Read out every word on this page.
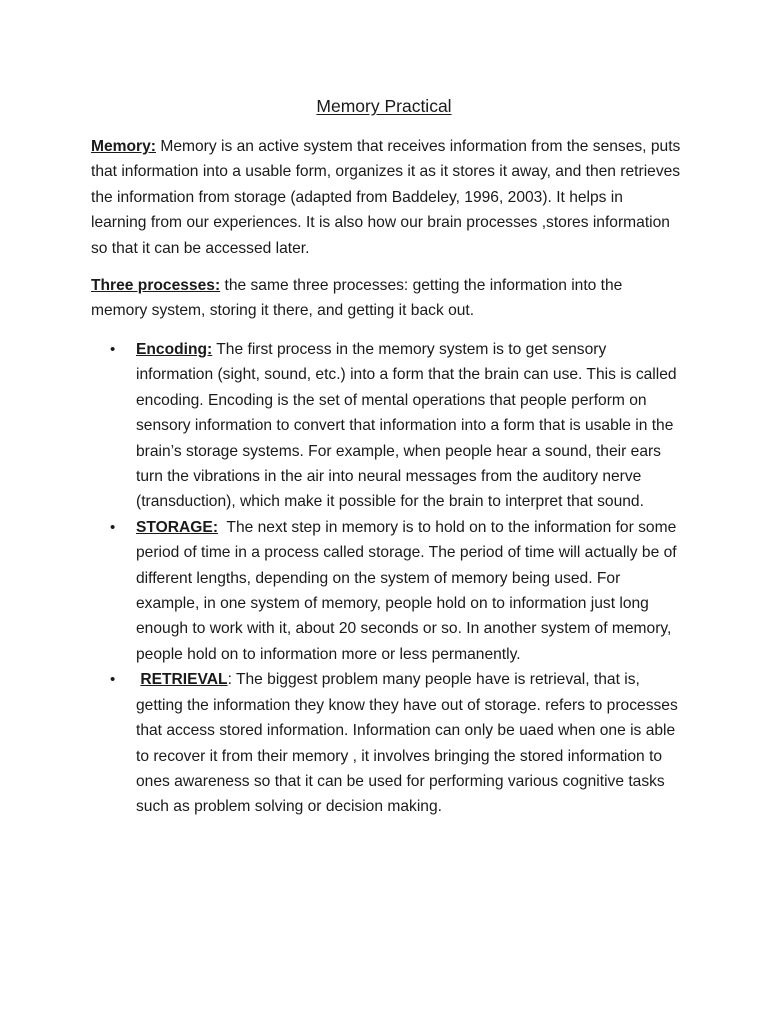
Memory Practical

Memory: Memory is an active system that receives information from the senses, puts that information into a usable form, organizes it as it stores it away, and then retrieves the information from storage (adapted from Baddeley, 1996, 2003). It helps in learning from our experiences. It is also how our brain processes ,stores information so that it can be accessed later.

Three processes: the same three processes: getting the information into the memory system, storing it there, and getting it back out.

• Encoding: The first process in the memory system is to get sensory information (sight, sound, etc.) into a form that the brain can use. This is called encoding. Encoding is the set of mental operations that people perform on sensory information to convert that information into a form that is usable in the brain’s storage systems. For example, when people hear a sound, their ears turn the vibrations in the air into neural messages from the auditory nerve (transduction), which make it possible for the brain to interpret that sound.
• STORAGE:  The next step in memory is to hold on to the information for some period of time in a process called storage. The period of time will actually be of different lengths, depending on the system of memory being used. For example, in one system of memory, people hold on to information just long enough to work with it, about 20 seconds or so. In another system of memory, people hold on to information more or less permanently.
• RETRIEVAL: The biggest problem many people have is retrieval, that is, getting the information they know they have out of storage. refers to processes that access stored information. Information can only be uaed when one is able to recover it from their memory , it involves bringing the stored information to ones awareness so that it can be used for performing various cognitive tasks such as problem solving or decision making.
